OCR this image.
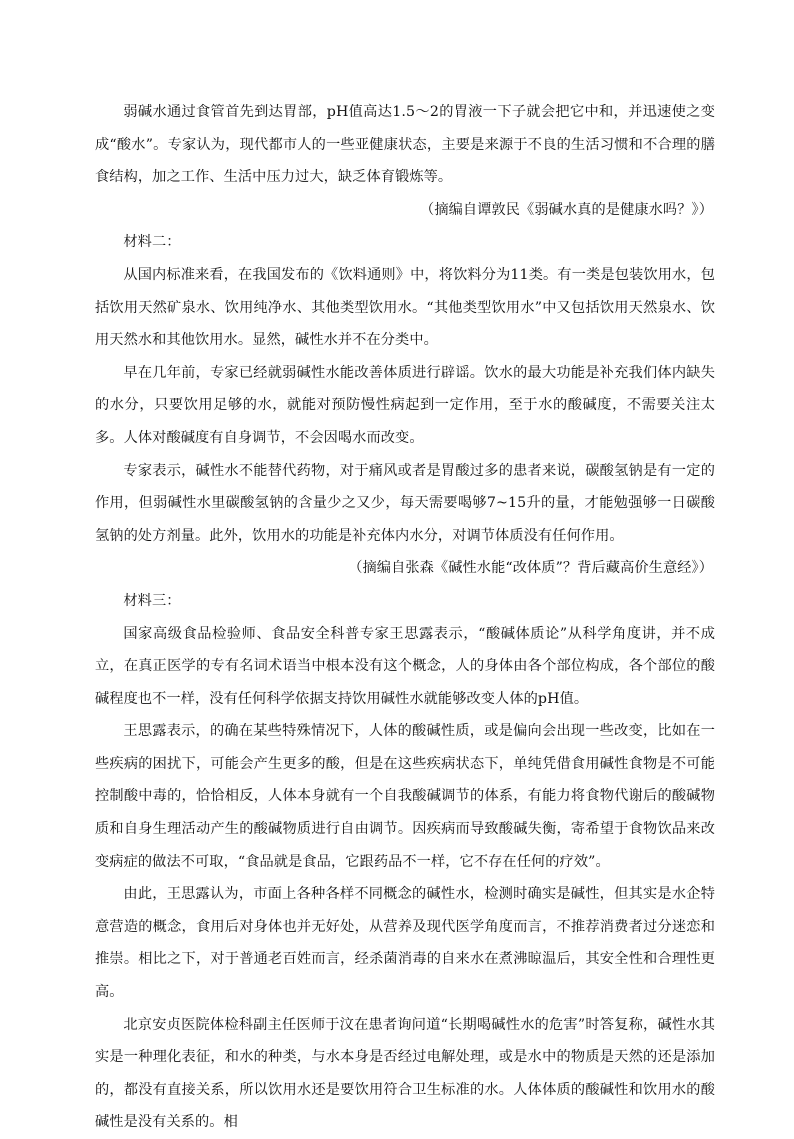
弱碱水通过食管首先到达胃部，pH值高达1.5～2的胃液一下子就会把它中和，并迅速使之变成“酸水”。专家认为，现代都市人的一些亚健康状态，主要是来源于不良的生活习惯和不合理的膳食结构，加之工作、生活中压力过大，缺乏体育锻炼等。

（摘编自谭敦民《弱碱水真的是健康水吗？》）

材料二：

从国内标准来看，在我国发布的《饮料通则》中，将饮料分为11类。有一类是包装饮用水，包括饮用天然矿泉水、饮用纯净水、其他类型饮用水。“其他类型饮用水”中又包括饮用天然泉水、饮用天然水和其他饮用水。显然，碱性水并不在分类中。

早在几年前，专家已经就弱碱性水能改善体质进行辟谣。饮水的最大功能是补充我们体内缺失的水分，只要饮用足够的水，就能对预防慢性病起到一定作用，至于水的酸碱度，不需要关注太多。人体对酸碱度有自身调节，不会因喝水而改变。

专家表示，碱性水不能替代药物，对于痛风或者是胃酸过多的患者来说，碳酸氢钠是有一定的作用，但弱碱性水里碳酸氢钠的含量少之又少，每天需要喝够7~15升的量，才能勉强够一日碳酸氢钠的处方剂量。此外，饮用水的功能是补充体内水分，对调节体质没有任何作用。

（摘编自张森《碱性水能“改体质”？背后藏高价生意经》）

材料三：

国家高级食品检验师、食品安全科普专家王思露表示，“酸碱体质论”从科学角度讲，并不成立，在真正医学的专有名词术语当中根本没有这个概念，人的身体由各个部位构成，各个部位的酸碱程度也不一样，没有任何科学依据支持饮用碱性水就能够改变人体的pH值。

王思露表示，的确在某些特殊情况下，人体的酸碱性质，或是偏向会出现一些改变，比如在一些疾病的困扰下，可能会产生更多的酸，但是在这些疾病状态下，单纯凭借食用碱性食物是不可能控制酸中毒的，恰恰相反，人体本身就有一个自我酸碱调节的体系，有能力将食物代谢后的酸碱物质和自身生理活动产生的酸碱物质进行自由调节。因疾病而导致酸碱失衡，寄希望于食物饮品来改变病症的做法不可取，“食品就是食品，它跟药品不一样，它不存在任何的疗效”。

由此，王思露认为，市面上各种各样不同概念的碱性水，检测时确实是碱性，但其实是水企特意营造的概念，食用后对身体也并无好处，从营养及现代医学角度而言，不推荐消费者过分迷恋和推崇。相比之下，对于普通老百姓而言，经杀菌消毒的自来水在煮沸晾温后，其安全性和合理性更高。

北京安贞医院体检科副主任医师于汶在患者询问道“长期喝碱性水的危害”时答复称，碱性水其实是一种理化表征，和水的种类，与水本身是否经过电解处理，或是水中的物质是天然的还是添加的，都没有直接关系，所以饮用水还是要饮用符合卫生标准的水。人体体质的酸碱性和饮用水的酸碱性是没有关系的。相
